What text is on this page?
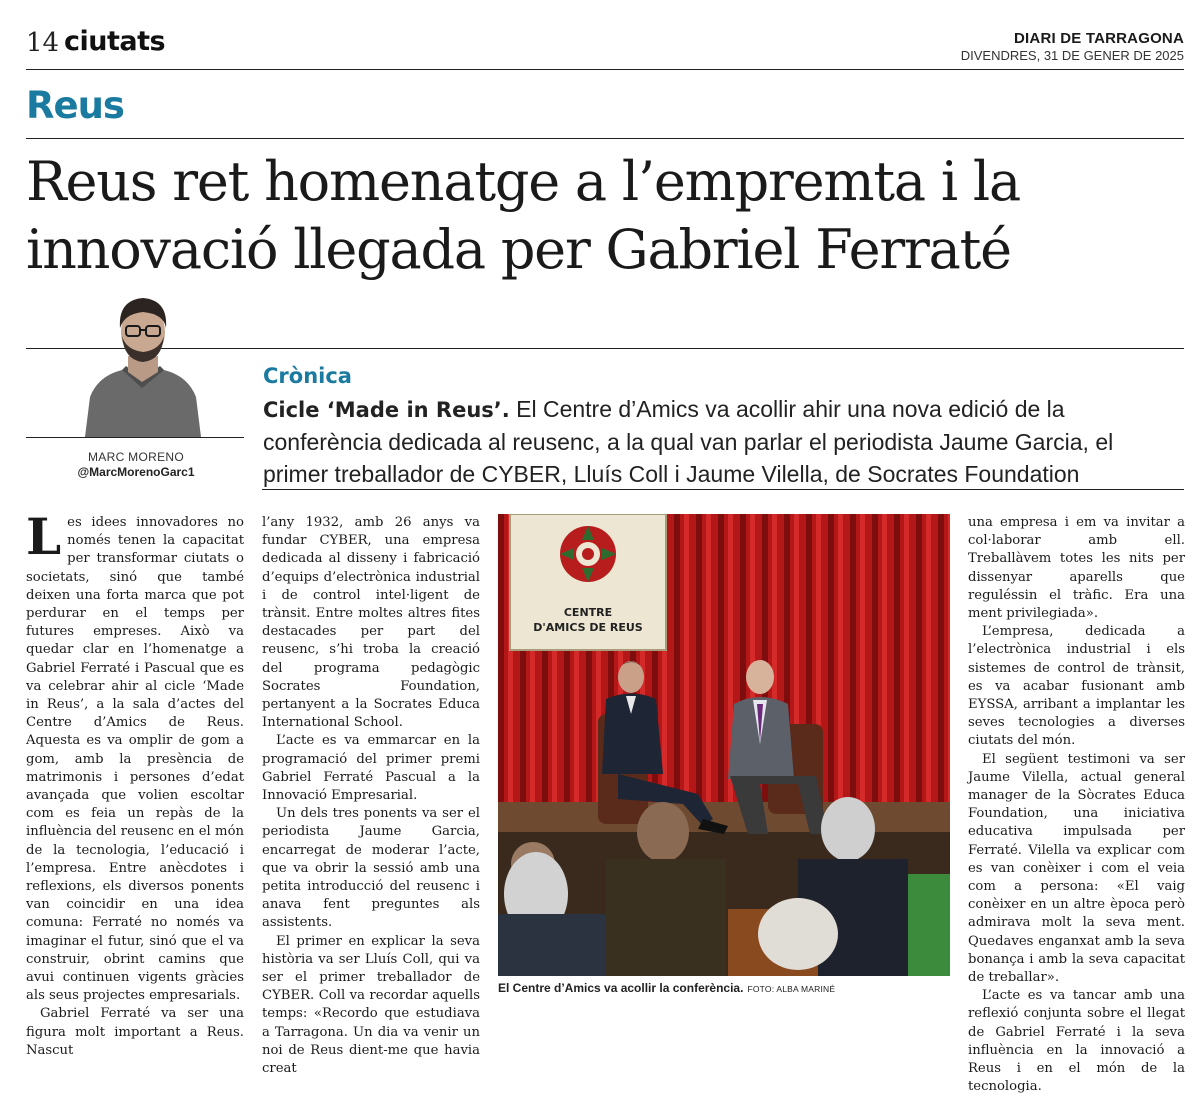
14 ciutats	DIARI DE TARRAGONA
DIVENDRES, 31 DE GENER DE 2025
Reus
Reus ret homenatge a l’empremta i la innovació llegada per Gabriel Ferraté
MARC MORENO
@MarcMorenoGarc1
Crònica
Cicle ‘Made in Reus’. El Centre d’Amics va acollir ahir una nova edició de la conferència dedicada al reusenc, a la qual van parlar el periodista Jaume Garcia, el primer treballador de CYBER, Lluís Coll i Jaume Vilella, de Socrates Foundation

Les idees innovadores no només tenen la capacitat per transformar ciutats o societats, sinó que també deixen una forta marca que pot perdurar en el temps per futures empreses. Això va quedar clar en l’homenatge a Gabriel Ferraté i Pascual que es va celebrar ahir al cicle ‘Made in Reus’, a la sala d’actes del Centre d’Amics de Reus. Aquesta es va omplir de gom a gom, amb la presència de matrimonis i persones d’edat avançada que volien escoltar com es feia un repàs de la influència del reusenc en el món de la tecnologia, l’educació i l’empresa. Entre anècdotes i reflexions, els diversos ponents van coincidir en una idea comuna: Ferraté no només va imaginar el futur, sinó que el va construir, obrint camins que avui continuen vigents gràcies als seus projectes empresarials.

Gabriel Ferraté va ser una figura molt important a Reus. Nascut

l’any 1932, amb 26 anys va fundar CYBER, una empresa dedicada al disseny i fabricació d’equips d’electrònica industrial i de control intel·ligent de trànsit. Entre moltes altres fites destacades per part del reusenc, s’hi troba la creació del programa pedagògic Socrates Foundation, pertanyent a la Socrates Educa International School.

L’acte es va emmarcar en la programació del primer premi Gabriel Ferraté Pascual a la Innovació Empresarial.

Un dels tres ponents va ser el periodista Jaume Garcia, encarregat de moderar l’acte, que va obrir la sessió amb una petita introducció del reusenc i anava fent preguntes als assistents.

El primer en explicar la seva història va ser Lluís Coll, qui va ser el primer treballador de CYBER. Coll va recordar aquells temps: «Recordo que estudiava a Tarragona. Un dia va venir un noi de Reus dient-me que havia creat

CENTRE
D'AMICS DE REUS
El Centre d’Amics va acollir la conferència. FOTO: ALBA MARINÉ

una empresa i em va invitar a col·laborar amb ell. Treballàvem totes les nits per dissenyar aparells que reguléssin el tràfic. Era una ment privilegiada».

L’empresa, dedicada a l’electrònica industrial i els sistemes de control de trànsit, es va acabar fusionant amb EYSSA, arribant a implantar les seves tecnologies a diverses ciutats del món.

El següent testimoni va ser Jaume Vilella, actual general manager de la Sòcrates Educa Foundation, una iniciativa educativa impulsada per Ferraté. Vilella va explicar com es van conèixer i com el veia com a persona: «El vaig conèixer en un altre època però admirava molt la seva ment. Quedaves enganxat amb la seva bonança i amb la seva capacitat de treballar».

L’acte es va tancar amb una reflexió conjunta sobre el llegat de Gabriel Ferraté i la seva influència en la innovació a Reus i en el món de la tecnologia.
